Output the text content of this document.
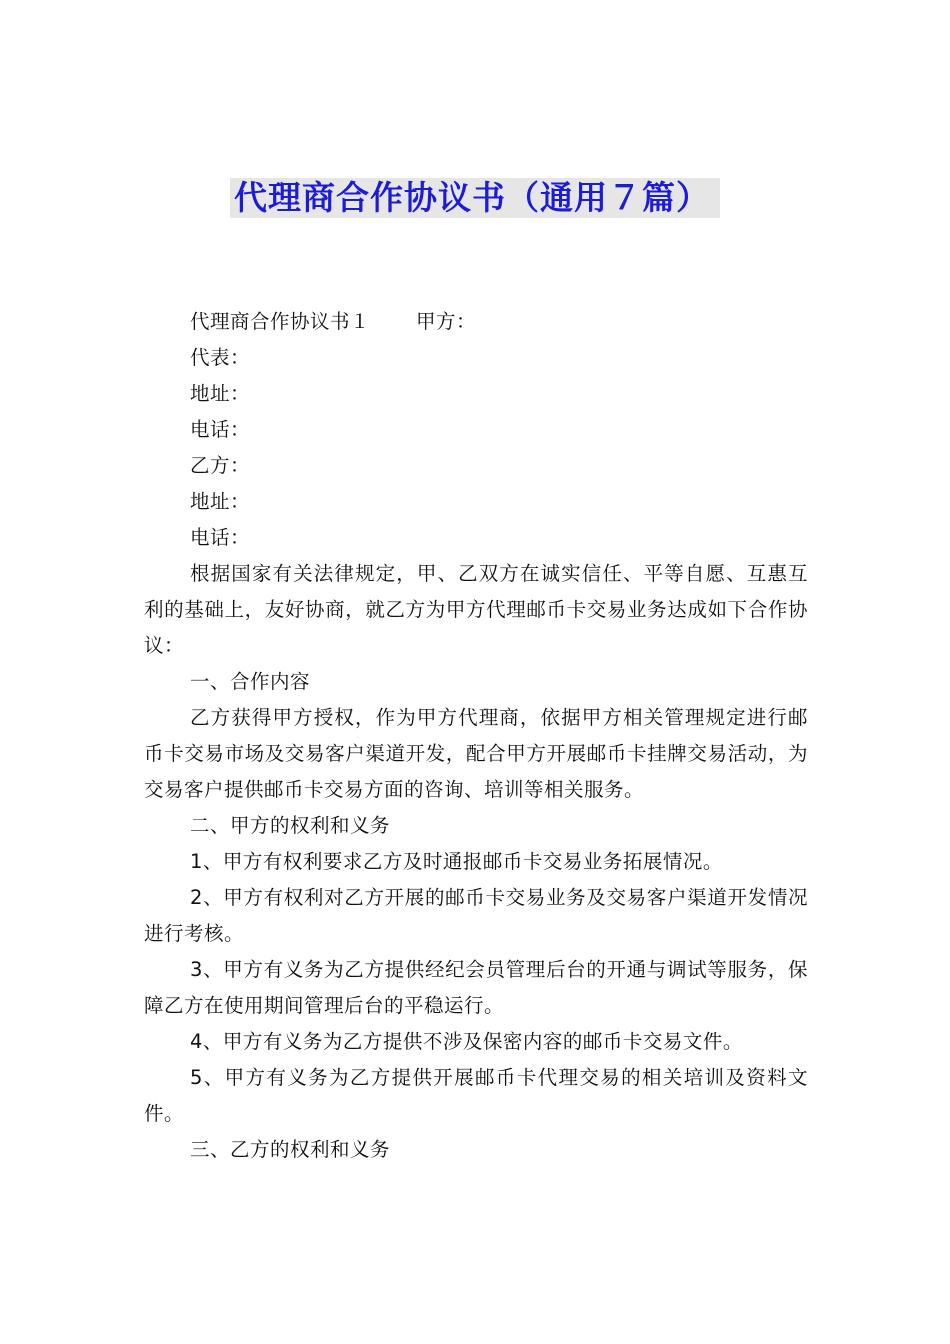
代理商合作协议书（通用７篇）

代理商合作协议书１ 甲方：

代表：

地址：

电话：

乙方：

地址：

电话：

根据国家有关法律规定，甲、乙双方在诚实信任、平等自愿、互惠互利的基础上，友好协商，就乙方为甲方代理邮币卡交易业务达成如下合作协议：

一、合作内容

乙方获得甲方授权，作为甲方代理商，依据甲方相关管理规定进行邮币卡交易市场及交易客户渠道开发，配合甲方开展邮币卡挂牌交易活动，为交易客户提供邮币卡交易方面的咨询、培训等相关服务。

二、甲方的权利和义务

1、甲方有权利要求乙方及时通报邮币卡交易业务拓展情况。

2、甲方有权利对乙方开展的邮币卡交易业务及交易客户渠道开发情况进行考核。

3、甲方有义务为乙方提供经纪会员管理后台的开通与调试等服务，保障乙方在使用期间管理后台的平稳运行。

4、甲方有义务为乙方提供不涉及保密内容的邮币卡交易文件。

5、甲方有义务为乙方提供开展邮币卡代理交易的相关培训及资料文件。

三、乙方的权利和义务
